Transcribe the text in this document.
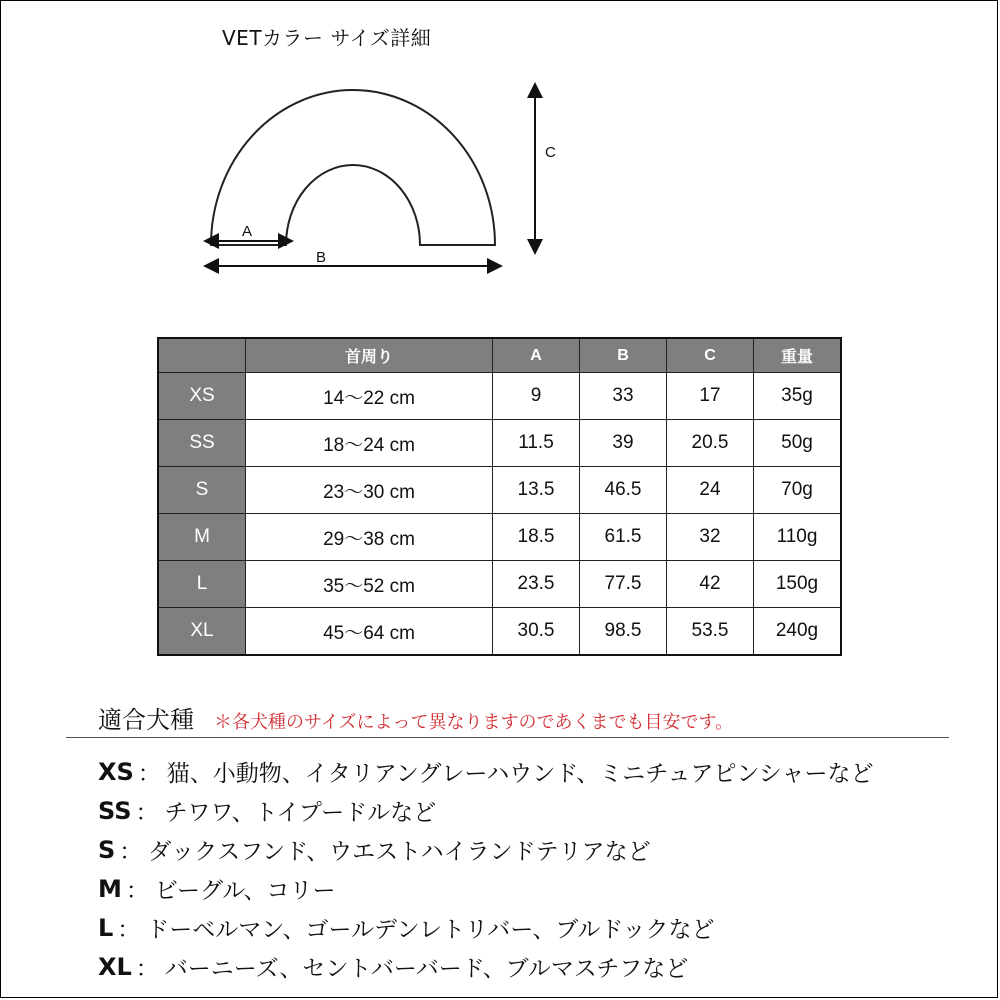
VETカラー サイズ詳細
A
B
C
	首周り	A	B	C	重量
XS	14～22 cm	9	33	17	35g
SS	18～24 cm	11.5	39	20.5	50g
S	23～30 cm	13.5	46.5	24	70g
M	29～38 cm	18.5	61.5	32	110g
L	35～52 cm	23.5	77.5	42	150g
XL	45～64 cm	30.5	98.5	53.5	240g
適合犬種 ＊各犬種のサイズによって異なりますのであくまでも目安です。
XS ： 猫、小動物、イタリアングレーハウンド、ミニチュアピンシャーなど
SS ： チワワ、トイプードルなど
S ： ダックスフンド、ウエストハイランドテリアなど
M ： ビーグル、コリー
L ： ドーベルマン、ゴールデンレトリバー、ブルドックなど
XL ： バーニーズ、セントバーバード、ブルマスチフなど
